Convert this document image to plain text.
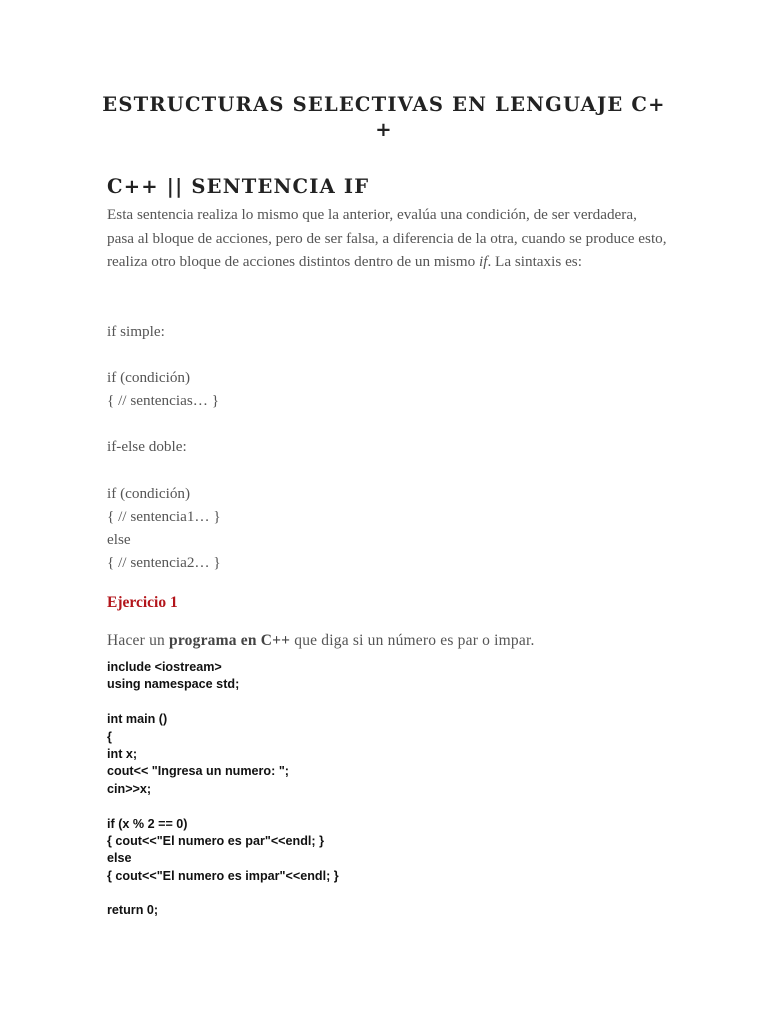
ESTRUCTURAS SELECTIVAS EN LENGUAJE C+
+
C++ || SENTENCIA IF

Esta sentencia realiza lo mismo que la anterior, evalúa una condición, de ser verdadera, pasa al bloque de acciones, pero de ser falsa, a diferencia de la otra, cuando se produce esto, realiza otro bloque de acciones distintos dentro de un mismo if. La sintaxis es:

if simple:

if (condición)

{ // sentencias… }

if-else doble:

if (condición)

{ // sentencia1… }

else

{ // sentencia2… }

Ejercicio 1

Hacer un programa en C++ que diga si un número es par o impar.

include <iostream>
using namespace std;
int main ()
{
int x;
cout<< "Ingresa un numero: ";
cin>>x;
if (x % 2 == 0)
{ cout<<"El numero es par"<<endl; }
else
{ cout<<"El numero es impar"<<endl; }
return 0;
